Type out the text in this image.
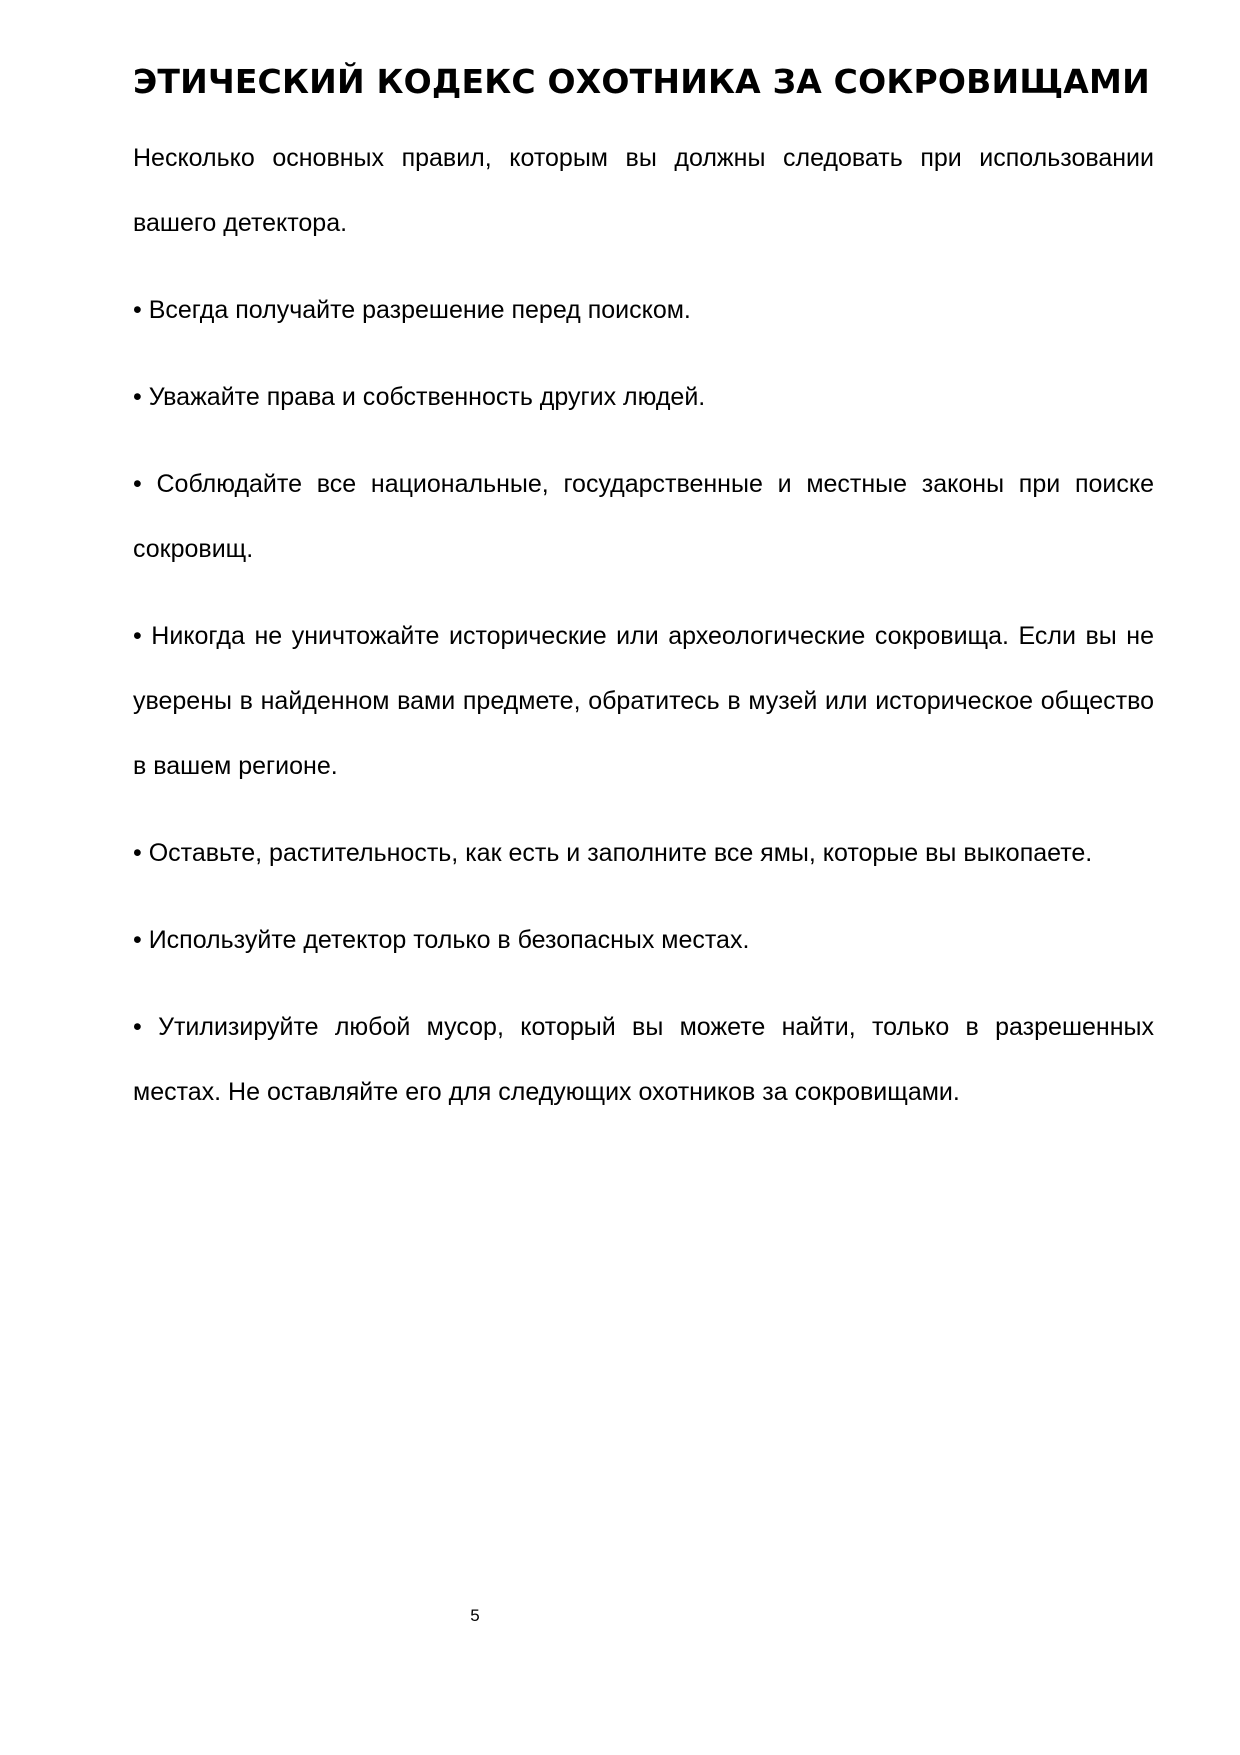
ЭТИЧЕСКИЙ КОДЕКС ОХОТНИКА ЗА СОКРОВИЩАМИ

Несколько основных правил, которым вы должны следовать при использовании вашего детектора.

• Всегда получайте разрешение перед поиском.

• Уважайте права и собственность других людей.

• Соблюдайте все национальные, государственные и местные законы при поиске сокровищ.

• Никогда не уничтожайте исторические или археологические сокровища. Если вы не уверены в найденном вами предмете, обратитесь в музей или историческое общество в вашем регионе.

• Оставьте, растительность, как есть и заполните все ямы, которые вы выкопаете.

• Используйте детектор только в безопасных местах.

• Утилизируйте любой мусор, который вы можете найти, только в разрешенных местах. Не оставляйте его для следующих охотников за сокровищами.

5
